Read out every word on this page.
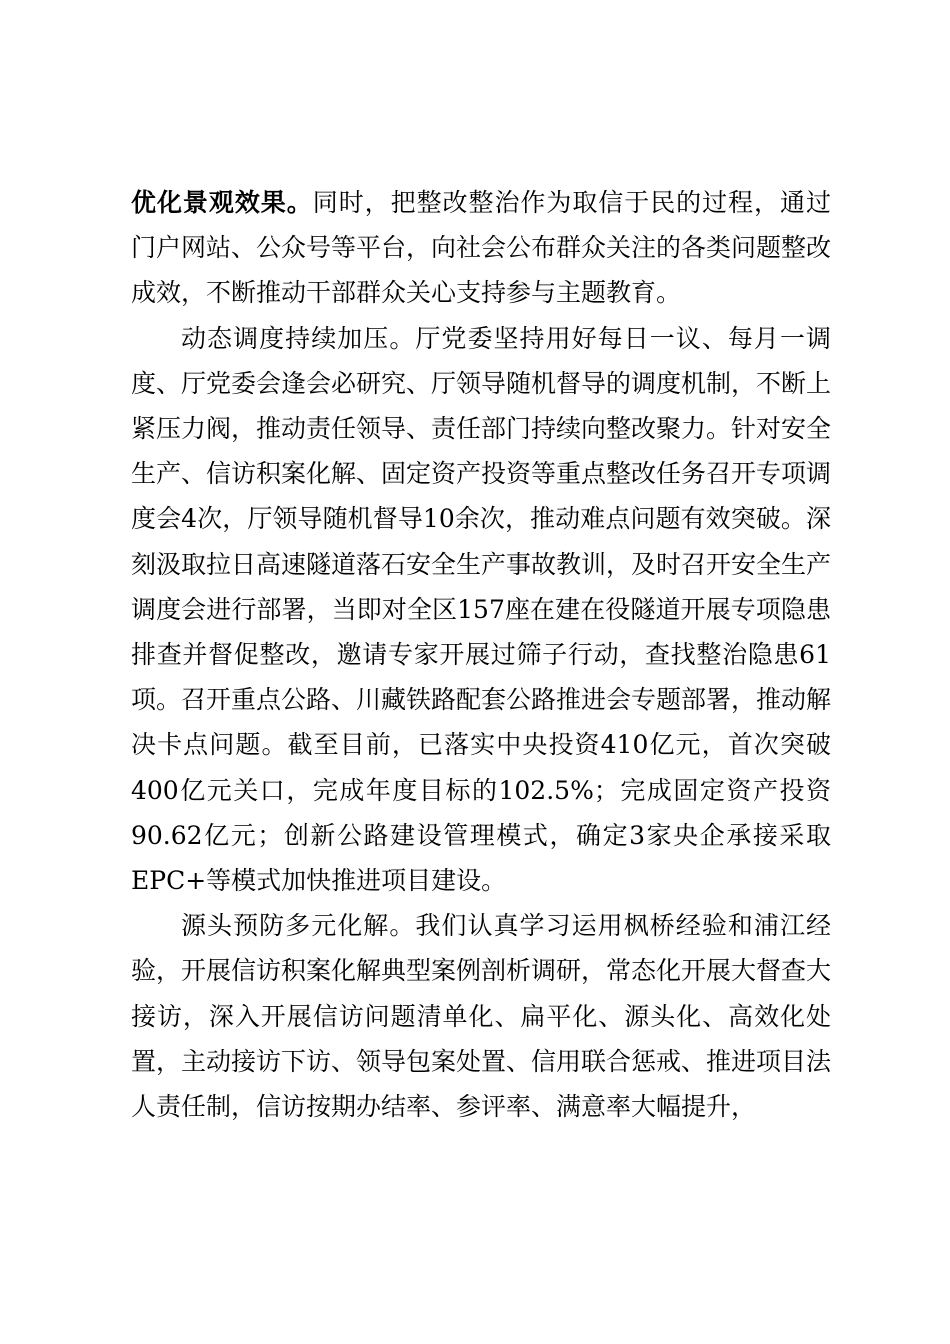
优化景观效果。同时，把整改整治作为取信于民的过程，通过门户网站、公众号等平台，向社会公布群众关注的各类问题整改成效，不断推动干部群众关心支持参与主题教育。

动态调度持续加压。厅党委坚持用好每日一议、每月一调度、厅党委会逢会必研究、厅领导随机督导的调度机制，不断上紧压力阀，推动责任领导、责任部门持续向整改聚力。针对安全生产、信访积案化解、固定资产投资等重点整改任务召开专项调度会4次，厅领导随机督导10余次，推动难点问题有效突破。深刻汲取拉日高速隧道落石安全生产事故教训，及时召开安全生产调度会进行部署，当即对全区157座在建在役隧道开展专项隐患排查并督促整改，邀请专家开展过筛子行动，查找整治隐患61项。召开重点公路、川藏铁路配套公路推进会专题部署，推动解决卡点问题。截至目前，已落实中央投资410亿元，首次突破400亿元关口，完成年度目标的102.5%；完成固定资产投资90.62亿元；创新公路建设管理模式，确定3家央企承接采取EPC+等模式加快推进项目建设。

源头预防多元化解。我们认真学习运用枫桥经验和浦江经验，开展信访积案化解典型案例剖析调研，常态化开展大督查大接访，深入开展信访问题清单化、扁平化、源头化、高效化处置，主动接访下访、领导包案处置、信用联合惩戒、推进项目法人责任制，信访按期办结率、参评率、满意率大幅提升，
